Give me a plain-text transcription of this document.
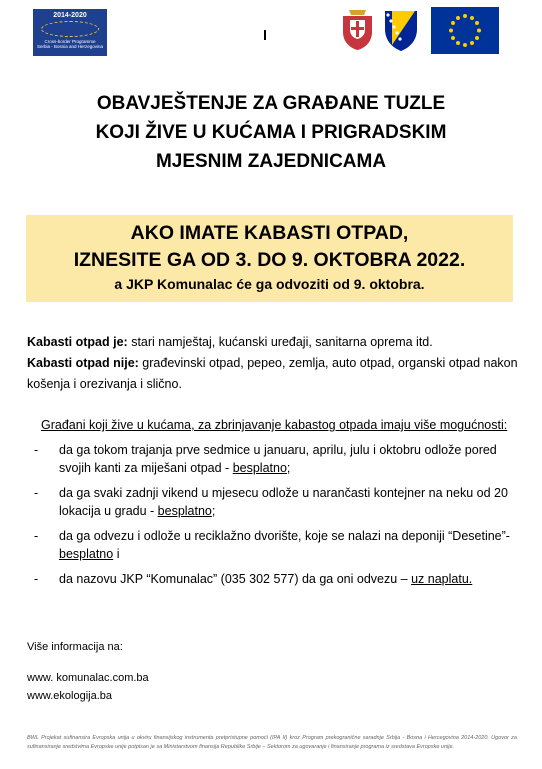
2014-2020
Cross-border Programme
Serbia - Bosnia and Herzegovina
OBAVJEŠTENJE ZA GRAĐANE TUZLE
KOJI ŽIVE U KUĆAMA I PRIGRADSKIM
MJESNIM ZAJEDNICAMA
AKO IMATE KABASTI OTPAD,
IZNESITE GA OD 3. DO 9. OKTOBRA 2022.
a JKP Komunalac će ga odvoziti od 9. oktobra.
Kabasti otpad je: stari namještaj, kućanski uređaji, sanitarna oprema itd.
Kabasti otpad nije: građevinski otpad, pepeo, zemlja, auto otpad, organski otpad nakon košenja i orezivanja i slično.
Građani koji žive u kućama, za zbrinjavanje kabastog otpada imaju više mogućnosti:
- da ga tokom trajanja prve sedmice u januaru, aprilu, julu i oktobru odlože pored svojih kanti za miješani otpad - besplatno;
- da ga svaki zadnji vikend u mjesecu odlože u narančasti kontejner na neku od 20 lokacija u gradu - besplatno;
- da ga odvezu i odlože u reciklažno dvorište, koje se nalazi na deponiji “Desetine”- besplatno i
- da nazovu JKP “Komunalac” (035 302 577) da ga oni odvezu – uz naplatu.
Više informacija na:
www. komunalac.com.ba
www.ekologija.ba
BWL Projekat sufinansira Evropska unija u okviru finansijskog instrumenta pretpristupne pomoći (IPA II) kroz Program prekogranične saradnje Srbija - Bosna i Hercegovina 2014-2020. Ugovor za sufinansiranje sredstvima Evropske unije potpisan je sa Ministarstvom finansija Republike Srbije – Sektorom za ugovaranje i finansiranje programa iz sredstava Evropske unije.
